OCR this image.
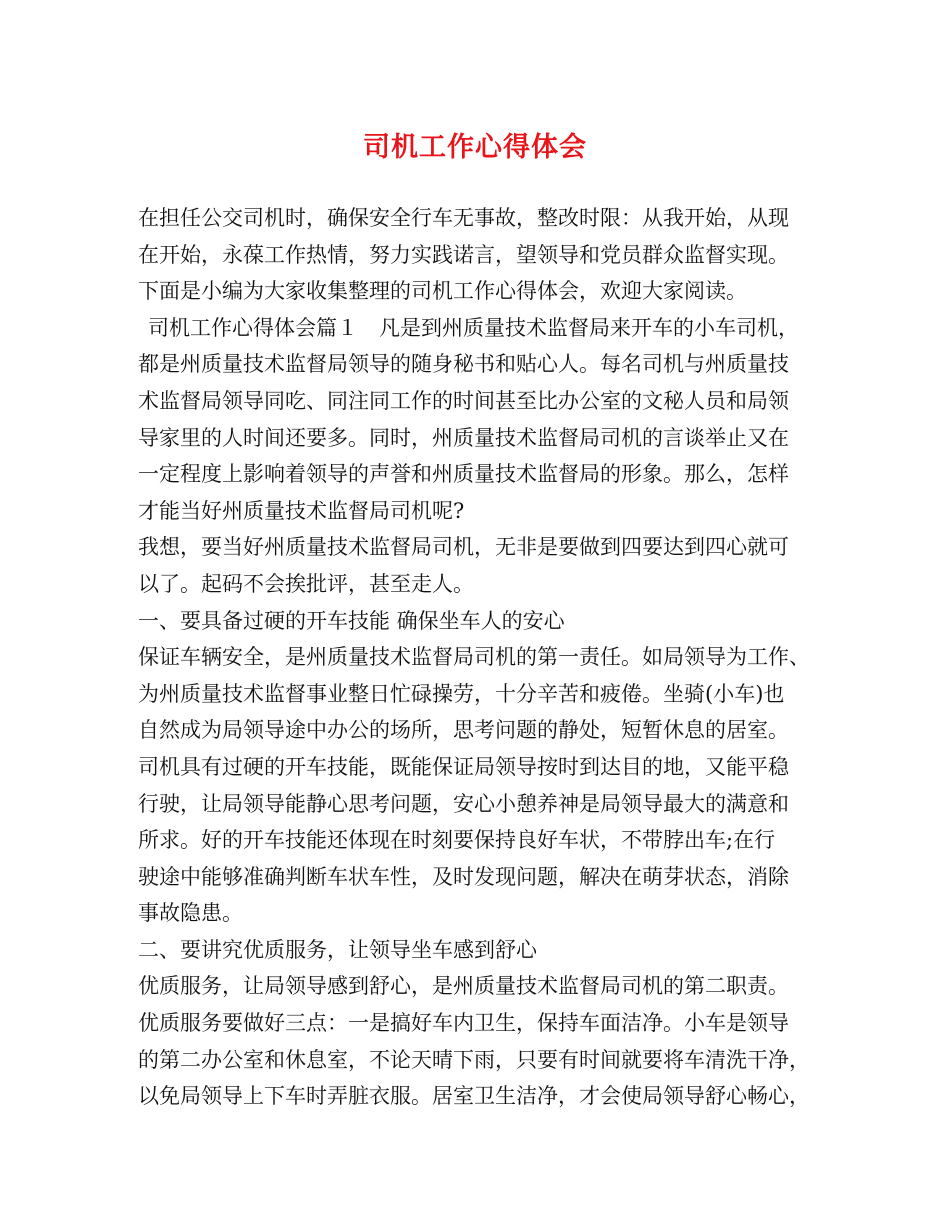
司机工作心得体会
在担任公交司机时，确保安全行车无事故，整改时限：从我开始，从现
在开始，永葆工作热情，努力实践诺言，望领导和党员群众监督实现。
下面是小编为大家收集整理的司机工作心得体会，欢迎大家阅读。
司机工作心得体会篇１　凡是到州质量技术监督局来开车的小车司机，
都是州质量技术监督局领导的随身秘书和贴心人。每名司机与州质量技
术监督局领导同吃、同注同工作的时间甚至比办公室的文秘人员和局领
导家里的人时间还要多。同时，州质量技术监督局司机的言谈举止又在
一定程度上影响着领导的声誉和州质量技术监督局的形象。那么，怎样
才能当好州质量技术监督局司机呢?
我想，要当好州质量技术监督局司机，无非是要做到四要达到四心就可
以了。起码不会挨批评，甚至走人。
一、要具备过硬的开车技能 确保坐车人的安心
保证车辆安全，是州质量技术监督局司机的第一责任。如局领导为工作、
为州质量技术监督事业整日忙碌操劳，十分辛苦和疲倦。坐骑(小车)也
自然成为局领导途中办公的场所，思考问题的静处，短暂休息的居室。
司机具有过硬的开车技能，既能保证局领导按时到达目的地，又能平稳
行驶，让局领导能静心思考问题，安心小憩养神是局领导最大的满意和
所求。好的开车技能还体现在时刻要保持良好车状，不带脖出车;在行
驶途中能够准确判断车状车性，及时发现问题，解决在萌芽状态，消除
事故隐患。
二、要讲究优质服务，让领导坐车感到舒心
优质服务，让局领导感到舒心，是州质量技术监督局司机的第二职责。
优质服务要做好三点：一是搞好车内卫生，保持车面洁净。小车是领导
的第二办公室和休息室，不论天晴下雨，只要有时间就要将车清洗干净，
以免局领导上下车时弄脏衣服。居室卫生洁净，才会使局领导舒心畅心，
